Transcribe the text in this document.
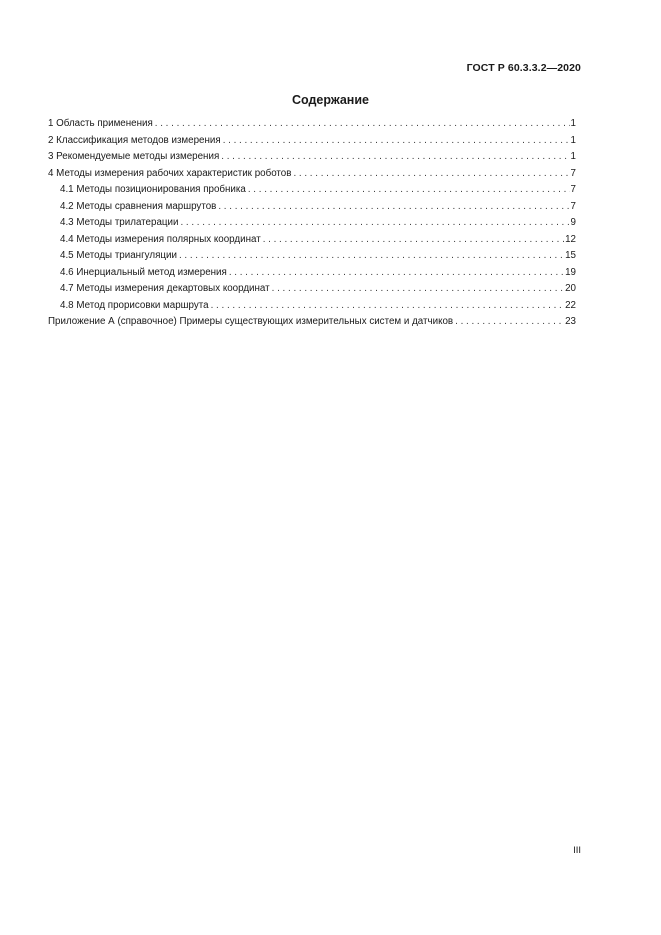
ГОСТ Р 60.3.3.2—2020
Содержание
1 Область применения . . .	1
2 Классификация методов измерения . . .	1
3 Рекомендуемые методы измерения . . .	1
4 Методы измерения рабочих характеристик роботов . . .	7
4.1 Методы позиционирования пробника . . .	7
4.2 Методы сравнения маршрутов . . .	7
4.3 Методы трилатерации . . .	9
4.4 Методы измерения полярных координат . . .	12
4.5 Методы триангуляции . . .	15
4.6 Инерциальный метод измерения . . .	19
4.7 Методы измерения декартовых координат . . .	20
4.8 Метод прорисовки маршрута . . .	22
Приложение А (справочное) Примеры существующих измерительных систем и датчиков . . .	23
III
